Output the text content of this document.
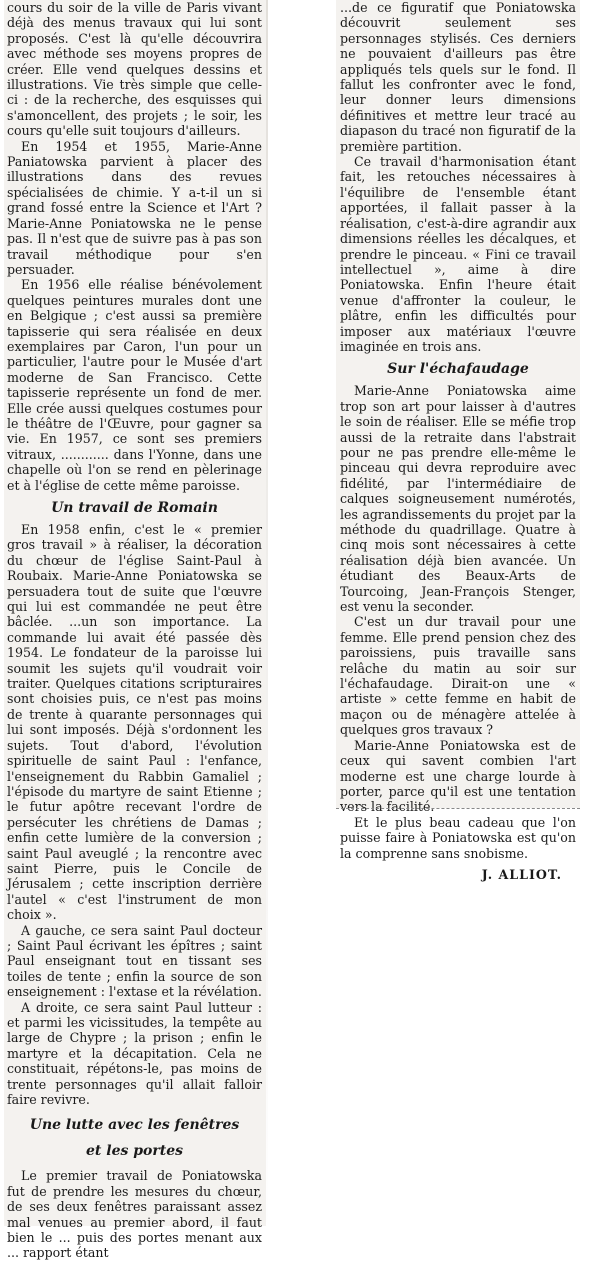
cours du soir de la ville de Paris vivant déjà des menus travaux qui lui sont proposés. C'est là qu'elle découvrira avec méthode ses moyens propres de créer. Elle vend quelques dessins et illustrations. Vie très simple que celle-ci : de la recherche, des esquisses qui s'amoncellent, des projets ; le soir, les cours qu'elle suit toujours d'ailleurs.

En 1954 et 1955, Marie-Anne Paniatowska parvient à placer des illustrations dans des revues spécialisées de chimie. Y a-t-il un si grand fossé entre la Science et l'Art ? Marie-Anne Poniatowska ne le pense pas. Il n'est que de suivre pas à pas son travail méthodique pour s'en persuader.

En 1956 elle réalise bénévolement quelques peintures murales dont une en Belgique ; c'est aussi sa première tapisserie qui sera réalisée en deux exemplaires par Caron, l'un pour un particulier, l'autre pour le Musée d'art moderne de San Francisco. Cette tapisserie représente un fond de mer. Elle crée aussi quelques costumes pour le théâtre de l'Œuvre, pour gagner sa vie. En 1957, ce sont ses premiers vitraux, ............ dans l'Yonne, dans une chapelle où l'on se rend en pèlerinage et à l'église de cette même paroisse.

Un travail de Romain

En 1958 enfin, c'est le « premier gros travail » à réaliser, la décoration du chœur de l'église Saint-Paul à Roubaix. Marie-Anne Poniatowska se persuadera tout de suite que l'œuvre qui lui est commandée ne peut être bâclée. ...un son importance. La commande lui avait été passée dès 1954. Le fondateur de la paroisse lui soumit les sujets qu'il voudrait voir traiter. Quelques citations scripturaires sont choisies puis, ce n'est pas moins de trente à quarante personnages qui lui sont imposés. Déjà s'ordonnent les sujets. Tout d'abord, l'évolution spirituelle de saint Paul : l'enfance, l'enseignement du Rabbin Gamaliel ; l'épisode du martyre de saint Etienne ; le futur apôtre recevant l'ordre de persécuter les chrétiens de Damas ; enfin cette lumière de la conversion ; saint Paul aveuglé ; la rencontre avec saint Pierre, puis le Concile de Jérusalem ; cette inscription derrière l'autel « c'est l'instrument de mon choix ».

A gauche, ce sera saint Paul docteur ; Saint Paul écrivant les épîtres ; saint Paul enseignant tout en tissant ses toiles de tente ; enfin la source de son enseignement : l'extase et la révélation.

A droite, ce sera saint Paul lutteur : et parmi les vicissitudes, la tempête au large de Chypre ; la prison ; enfin le martyre et la décapitation. Cela ne constituait, répétons-le, pas moins de trente personnages qu'il allait falloir faire revivre.

Une lutte avec les fenêtres
et les portes

Le premier travail de Poniatowska fut de prendre les mesures du chœur, de ses deux fenêtres paraissant assez mal venues au premier abord, il faut bien le ... puis des portes menant aux ... rapport étant

...de ce figuratif que Poniatowska découvrit seulement ses personnages stylisés. Ces derniers ne pouvaient d'ailleurs pas être appliqués tels quels sur le fond. Il fallut les confronter avec le fond, leur donner leurs dimensions définitives et mettre leur tracé au diapason du tracé non figuratif de la première partition.

Ce travail d'harmonisation étant fait, les retouches nécessaires à l'équilibre de l'ensemble étant apportées, il fallait passer à la réalisation, c'est-à-dire agrandir aux dimensions réelles les décalques, et prendre le pinceau. « Fini ce travail intellectuel », aime à dire Poniatowska. Enfin l'heure était venue d'affronter la couleur, le plâtre, enfin les difficultés pour imposer aux matériaux l'œuvre imaginée en trois ans.

Sur l'échafaudage

Marie-Anne Poniatowska aime trop son art pour laisser à d'autres le soin de réaliser. Elle se méfie trop aussi de la retraite dans l'abstrait pour ne pas prendre elle-même le pinceau qui devra reproduire avec fidélité, par l'intermédiaire de calques soigneusement numérotés, les agrandissements du projet par la méthode du quadrillage. Quatre à cinq mois sont nécessaires à cette réalisation déjà bien avancée. Un étudiant des Beaux-Arts de Tourcoing, Jean-François Stenger, est venu la seconder.

C'est un dur travail pour une femme. Elle prend pension chez des paroissiens, puis travaille sans relâche du matin au soir sur l'échafaudage. Dirait-on une « artiste » cette femme en habit de maçon ou de ménagère attelée à quelques gros travaux ?

Marie-Anne Poniatowska est de ceux qui savent combien l'art moderne est une charge lourde à porter, parce qu'il est une tentation vers la facilité.

Et le plus beau cadeau que l'on puisse faire à Poniatowska est qu'on la comprenne sans snobisme.

J. ALLIOT.
